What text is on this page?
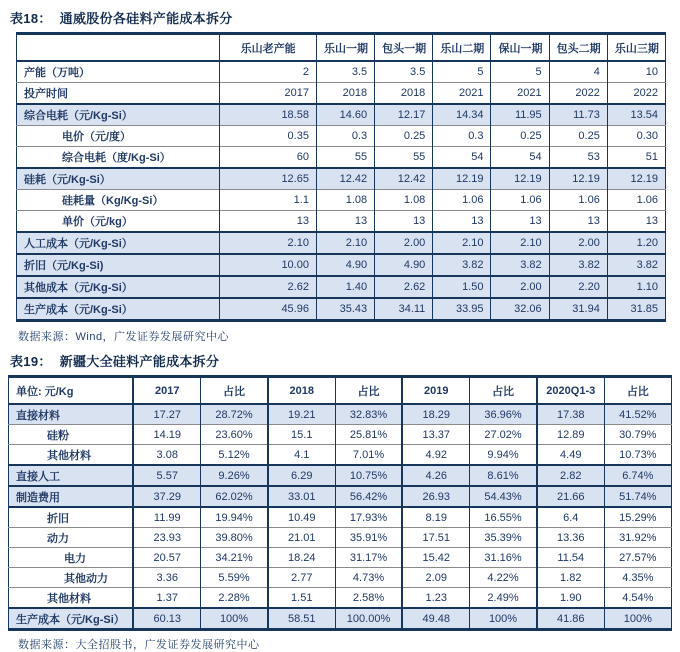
表18： 通威股份各硅料产能成本拆分
	乐山老产能	乐山一期	包头一期	乐山二期	保山一期	包头二期	乐山三期
产能（万吨）	2	3.5	3.5	5	5	4	10
投产时间	2017	2018	2018	2021	2021	2022	2022
综合电耗（元/Kg-Si）	18.58	14.60	12.17	14.34	11.95	11.73	13.54
电价（元/度）	0.35	0.3	0.25	0.3	0.25	0.25	0.30
综合电耗（度/Kg-Si）	60	55	55	54	54	53	51
硅耗（元/Kg-Si）	12.65	12.42	12.42	12.19	12.19	12.19	12.19
硅耗量（Kg/Kg-Si）	1.1	1.08	1.08	1.06	1.06	1.06	1.06
单价（元/kg）	13	13	13	13	13	13	13
人工成本（元/Kg-Si）	2.10	2.10	2.00	2.10	2.10	2.00	1.20
折旧（元/Kg-Si)	10.00	4.90	4.90	3.82	3.82	3.82	3.82
其他成本（元/Kg-Si）	2.62	1.40	2.62	1.50	2.00	2.20	1.10
生产成本（元/Kg-Si）	45.96	35.43	34.11	33.95	32.06	31.94	31.85
数据来源：Wind，广发证券发展研究中心
表19： 新疆大全硅料产能成本拆分
单位: 元/Kg	2017	占比	2018	占比	2019	占比	2020Q1-3	占比
直接材料	17.27	28.72%	19.21	32.83%	18.29	36.96%	17.38	41.52%
硅粉	14.19	23.60%	15.1	25.81%	13.37	27.02%	12.89	30.79%
其他材料	3.08	5.12%	4.1	7.01%	4.92	9.94%	4.49	10.73%
直接人工	5.57	9.26%	6.29	10.75%	4.26	8.61%	2.82	6.74%
制造费用	37.29	62.02%	33.01	56.42%	26.93	54.43%	21.66	51.74%
折旧	11.99	19.94%	10.49	17.93%	8.19	16.55%	6.4	15.29%
动力	23.93	39.80%	21.01	35.91%	17.51	35.39%	13.36	31.92%
电力	20.57	34.21%	18.24	31.17%	15.42	31.16%	11.54	27.57%
其他动力	3.36	5.59%	2.77	4.73%	2.09	4.22%	1.82	4.35%
其他材料	1.37	2.28%	1.51	2.58%	1.23	2.49%	1.90	4.54%
生产成本（元/Kg-Si）	60.13	100%	58.51	100.00%	49.48	100%	41.86	100%
数据来源：大全招股书，广发证券发展研究中心
